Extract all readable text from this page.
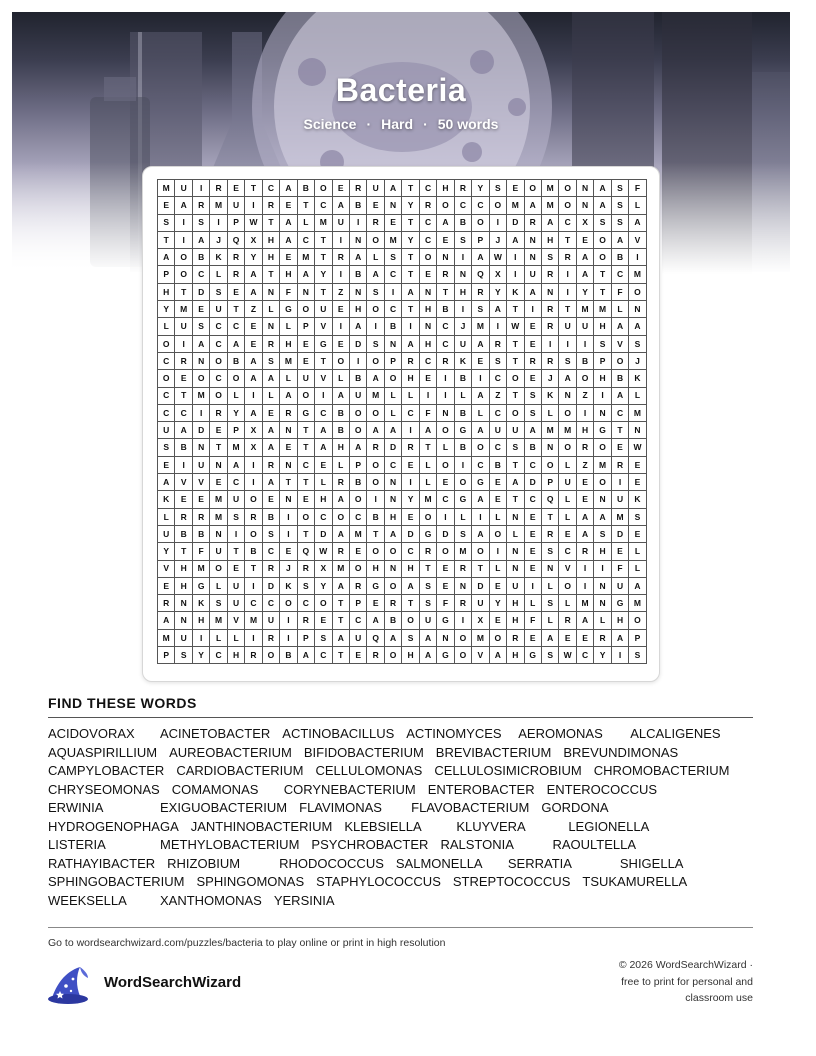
Bacteria
Science · Hard · 50 words
M	U	I	R	E	T	C	A	B	O	E	R	U	A	T	C	H	R	Y	S	E	O	M	O	N	A	S	F
E	A	R	M	U	I	R	E	T	C	A	B	E	N	Y	R	O	C	C	O	M	A	M	O	N	A	S	L
S	I	S	I	P	W	T	A	L	M	U	I	R	E	T	C	A	B	O	I	D	R	A	C	X	S	S	A
T	I	A	J	Q	X	H	A	C	T	I	N	O	M	Y	C	E	S	P	J	A	N	H	T	E	O	A	V
A	O	B	K	R	Y	H	E	M	T	R	A	L	S	T	O	N	I	A	W	I	N	S	R	A	O	B	I
P	O	C	L	R	A	T	H	A	Y	I	B	A	C	T	E	R	N	Q	X	I	U	R	I	A	T	C	M
H	T	D	S	E	A	N	F	N	T	Z	N	S	I	A	N	T	H	R	Y	K	A	N	I	Y	T	F	O
Y	M	E	U	T	Z	L	G	O	U	E	H	O	C	T	H	B	I	S	A	T	I	R	T	M	M	L	N
L	U	S	C	C	E	N	L	P	V	I	A	I	B	I	N	C	J	M	I	W	E	R	U	U	H	A	A
O	I	A	C	A	E	R	H	E	G	E	D	S	N	A	H	C	U	A	R	T	E	I	I	I	S	V	S
C	R	N	O	B	A	S	M	E	T	O	I	O	P	R	C	R	K	E	S	T	R	R	S	B	P	O	J
O	E	O	C	O	A	A	L	U	V	L	B	A	O	H	E	I	B	I	C	O	E	J	A	O	H	B	K
C	T	M	O	L	I	L	A	O	I	A	U	M	L	L	I	I	L	A	Z	T	S	K	N	Z	I	A	L
C	C	I	R	Y	A	E	R	G	C	B	O	O	L	C	F	N	B	L	C	O	S	L	O	I	N	C	M
U	A	D	E	P	X	A	N	T	A	B	O	A	A	I	A	O	G	A	U	U	A	M	M	H	G	T	N
S	B	N	T	M	X	A	E	T	A	H	A	R	D	R	T	L	B	O	C	S	B	N	O	R	O	E	W
E	I	U	N	A	I	R	N	C	E	L	P	O	C	E	L	O	I	C	B	T	C	O	L	Z	M	R	E
A	V	V	E	C	I	A	T	T	L	R	B	O	N	I	L	E	O	G	E	A	D	P	U	E	O	I	E
K	E	E	M	U	O	E	N	E	H	A	O	I	N	Y	M	C	G	A	E	T	C	Q	L	E	N	U	K
L	R	R	M	S	R	B	I	O	C	O	C	B	H	E	O	I	L	I	L	N	E	T	L	A	A	M	S
U	B	B	N	I	O	S	I	T	D	A	M	T	A	D	G	D	S	A	O	L	E	R	E	A	S	D	E
Y	T	F	U	T	B	C	E	Q	W	R	E	O	O	C	R	O	M	O	I	N	E	S	C	R	H	E	L
V	H	M	O	E	T	R	J	R	X	M	O	H	N	H	T	E	R	T	L	N	E	N	V	I	I	F	L
E	H	G	L	U	I	D	K	S	Y	A	R	G	O	A	S	E	N	D	E	U	I	L	O	I	N	U	A
R	N	K	S	U	C	C	O	C	O	T	P	E	R	T	S	F	R	U	Y	H	L	S	L	M	N	G	M
A	N	H	M	V	M	U	I	R	E	T	C	A	B	O	U	G	I	X	E	H	F	L	R	A	L	H	O
M	U	I	L	L	I	R	I	P	S	A	U	Q	A	S	A	N	O	M	O	R	E	A	E	E	R	A	P
P	S	Y	C	H	R	O	B	A	C	T	E	R	O	H	A	G	O	V	A	H	G	S	W	C	Y	I	S
FIND THESE WORDS
ACIDOVORAX	ACINETOBACTER ACTINOBACILLUS ACTINOMYCES	AEROMONAS	ALCALIGENES
AQUASPIRILLIUM AUREOBACTERIUM BIFIDOBACTERIUM BREVIBACTERIUM BREVUNDIMONAS
CAMPYLOBACTER CARDIOBACTERIUM CELLULOMONAS CELLULOSIMICROBIUM CHROMOBACTERIUM
CHRYSEOMONAS COMAMONAS	CORYNEBACTERIUM ENTEROBACTER ENTEROCOCCUS
ERWINIA	EXIGUOBACTERIUM FLAVIMONAS	FLAVOBACTERIUM GORDONA
HYDROGENOPHAGA JANTHINOBACTERIUM KLEBSIELLA	KLUYVERA	LEGIONELLA
LISTERIA	METHYLOBACTERIUM PSYCHROBACTER RALSTONIA	RAOULTELLA
RATHAYIBACTER RHIZOBIUM	RHODOCOCCUS SALMONELLA	SERRATIA	SHIGELLA
SPHINGOBACTERIUM SPHINGOMONAS STAPHYLOCOCCUS STREPTOCOCCUS TSUKAMURELLA
WEEKSELLA	XANTHOMONAS YERSINIA
Go to wordsearchwizard.com/puzzles/bacteria to play online or print in high resolution
WordSearchWizard
© 2026 WordSearchWizard ·
free to print for personal and
classroom use
